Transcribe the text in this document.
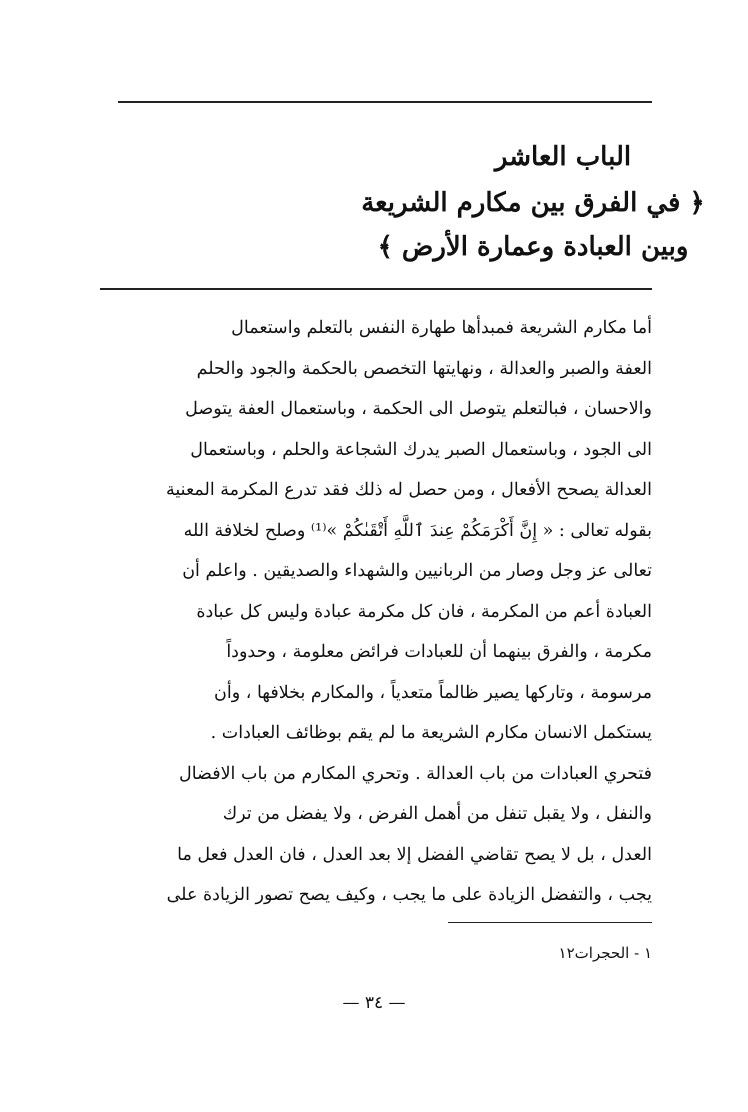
الباب العاشر
﴿ في الفرق بين مكارم الشريعة
وبين العبادة وعمارة الأرض ﴾
أما مكارم الشريعة فمبدأها طهارة النفس بالتعلم واستعمال
العفة والصبر والعدالة ، ونهايتها التخصص بالحكمة والجود والحلم
والاحسان ، فبالتعلم يتوصل الى الحكمة ، وباستعمال العفة يتوصل
الى الجود ، وباستعمال الصبر يدرك الشجاعة والحلم ، وباستعمال
العدالة يصحح الأفعال ، ومن حصل له ذلك فقد تدرع المكرمة المعنية
بقوله تعالى : « إِنَّ أَكْرَمَكُمْ عِندَ ٱللَّهِ أَتْقَىٰكُمْ »⁽¹⁾ وصلح لخلافة الله
تعالى عز وجل وصار من الربانيين والشهداء والصديقين . واعلم أن
العبادة أعم من المكرمة ، فان كل مكرمة عبادة وليس كل عبادة
مكرمة ، والفرق بينهما أن للعبادات فرائض معلومة ، وحدوداً
مرسومة ، وتاركها يصير ظالماً متعدياً ، والمكارم بخلافها ، وأن
يستكمل الانسان مكارم الشريعة ما لم يقم بوظائف العبادات .
فتحري العبادات من باب العدالة . وتحري المكارم من باب الافضال
والنفل ، ولا يقبل تنفل من أهمل الفرض ، ولا يفضل من ترك
العدل ، بل لا يصح تقاضي الفضل إلا بعد العدل ، فان العدل فعل ما
يجب ، والتفضل الزيادة على ما يجب ، وكيف يصح تصور الزيادة على
١ - الحجرات١٢
— ٣٤ —
